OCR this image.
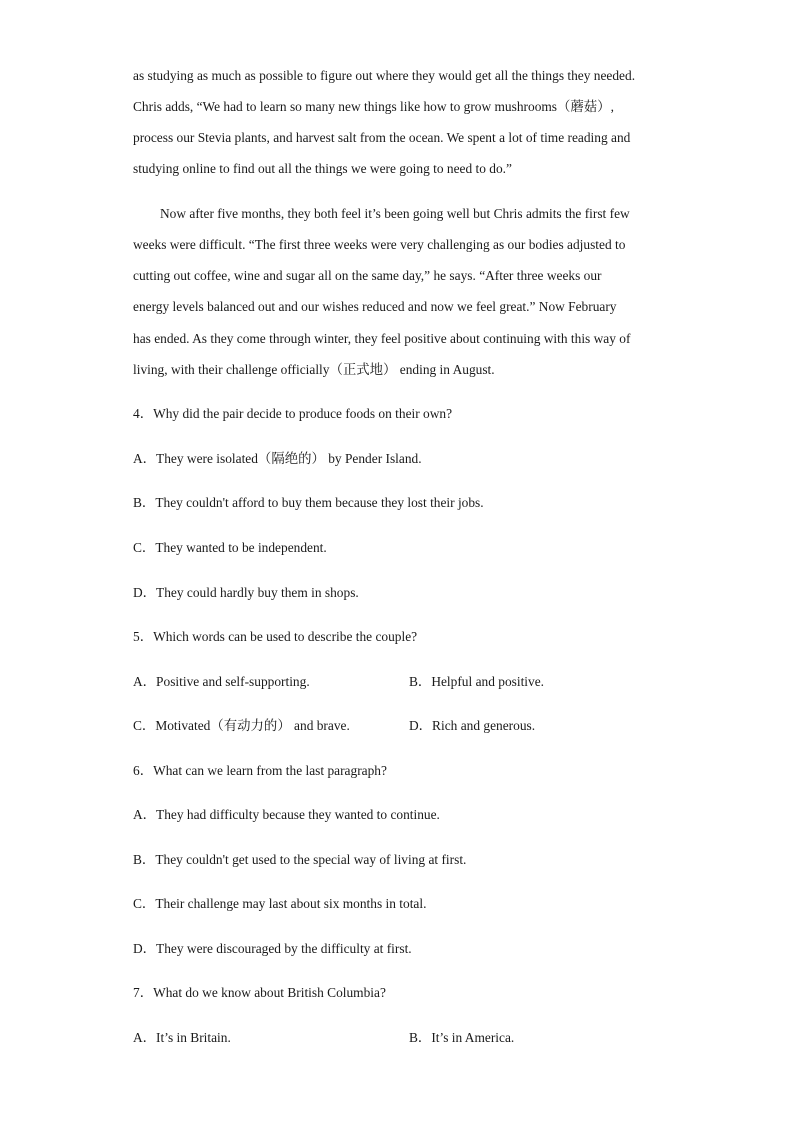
as studying as much as possible to figure out where they would get all the things they needed.
Chris adds, “We had to learn so many new things like how to grow mushrooms（蘑菇）,
process our Stevia plants, and harvest salt from the ocean. We spent a lot of time reading and
studying online to find out all the things we were going to need to do.”
Now after five months, they both feel it’s been going well but Chris admits the first few
weeks were difficult. “The first three weeks were very challenging as our bodies adjusted to
cutting out coffee, wine and sugar all on the same day,” he says. “After three weeks our
energy levels balanced out and our wishes reduced and now we feel great.” Now February
has ended. As they come through winter, they feel positive about continuing with this way of
living, with their challenge officially（正式地） ending in August.
4．Why did the pair decide to produce foods on their own?
A．They were isolated（隔绝的） by Pender Island.
B．They couldn't afford to buy them because they lost their jobs.
C．They wanted to be independent.
D．They could hardly buy them in shops.
5．Which words can be used to describe the couple?
A．Positive and self-supporting.	B．Helpful and positive.
C．Motivated（有动力的） and brave.	D．Rich and generous.
6．What can we learn from the last paragraph?
A．They had difficulty because they wanted to continue.
B．They couldn't get used to the special way of living at first.
C．Their challenge may last about six months in total.
D．They were discouraged by the difficulty at first.
7．What do we know about British Columbia?
A．It’s in Britain.	B．It’s in America.
